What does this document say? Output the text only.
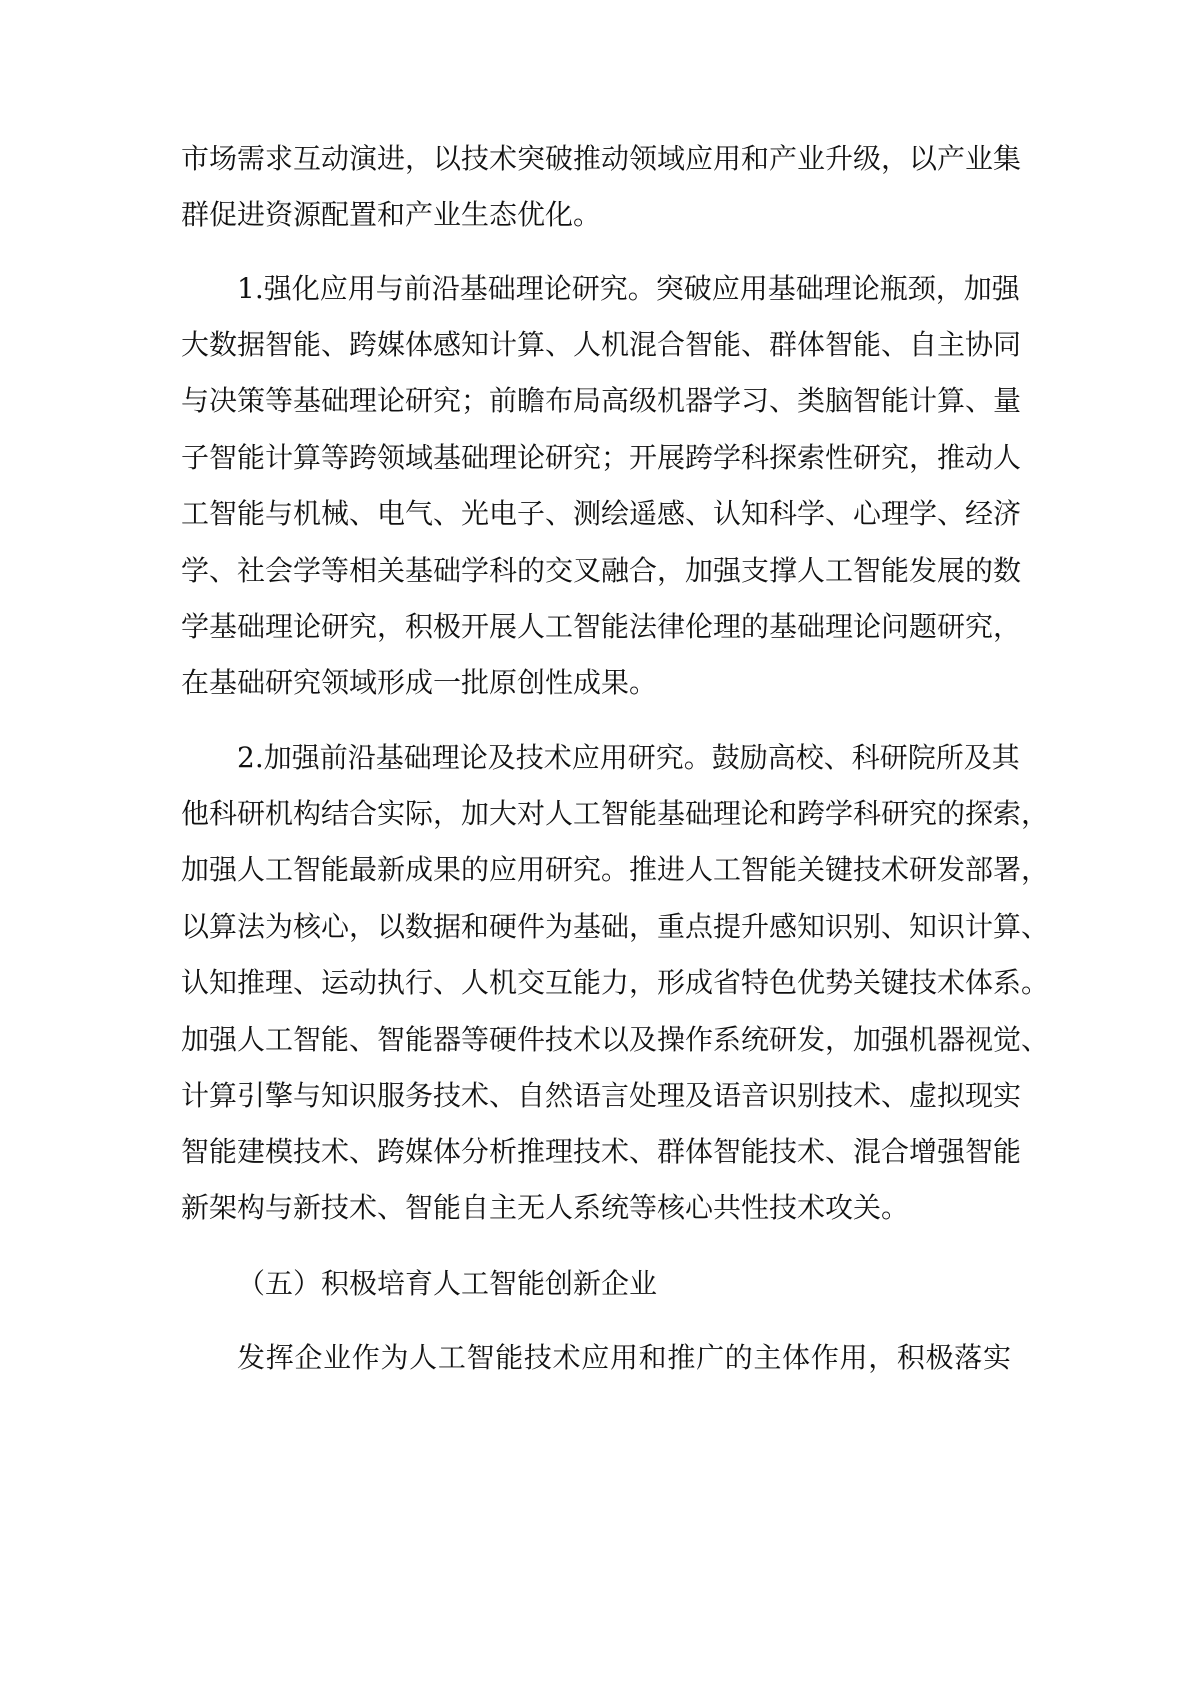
市场需求互动演进，以技术突破推动领域应用和产业升级，以产业集
群促进资源配置和产业生态优化。
1.强化应用与前沿基础理论研究。突破应用基础理论瓶颈，加强
大数据智能、跨媒体感知计算、人机混合智能、群体智能、自主协同
与决策等基础理论研究；前瞻布局高级机器学习、类脑智能计算、量
子智能计算等跨领域基础理论研究；开展跨学科探索性研究，推动人
工智能与机械、电气、光电子、测绘遥感、认知科学、心理学、经济
学、社会学等相关基础学科的交叉融合，加强支撑人工智能发展的数
学基础理论研究，积极开展人工智能法律伦理的基础理论问题研究，
在基础研究领域形成一批原创性成果。
2.加强前沿基础理论及技术应用研究。鼓励高校、科研院所及其
他科研机构结合实际，加大对人工智能基础理论和跨学科研究的探索，
加强人工智能最新成果的应用研究。推进人工智能关键技术研发部署，
以算法为核心，以数据和硬件为基础，重点提升感知识别、知识计算、
认知推理、运动执行、人机交互能力，形成省特色优势关键技术体系。
加强人工智能、智能器等硬件技术以及操作系统研发，加强机器视觉、
计算引擎与知识服务技术、自然语言处理及语音识别技术、虚拟现实
智能建模技术、跨媒体分析推理技术、群体智能技术、混合增强智能
新架构与新技术、智能自主无人系统等核心共性技术攻关。
（五）积极培育人工智能创新企业
发挥企业作为人工智能技术应用和推广的主体作用，积极落实
